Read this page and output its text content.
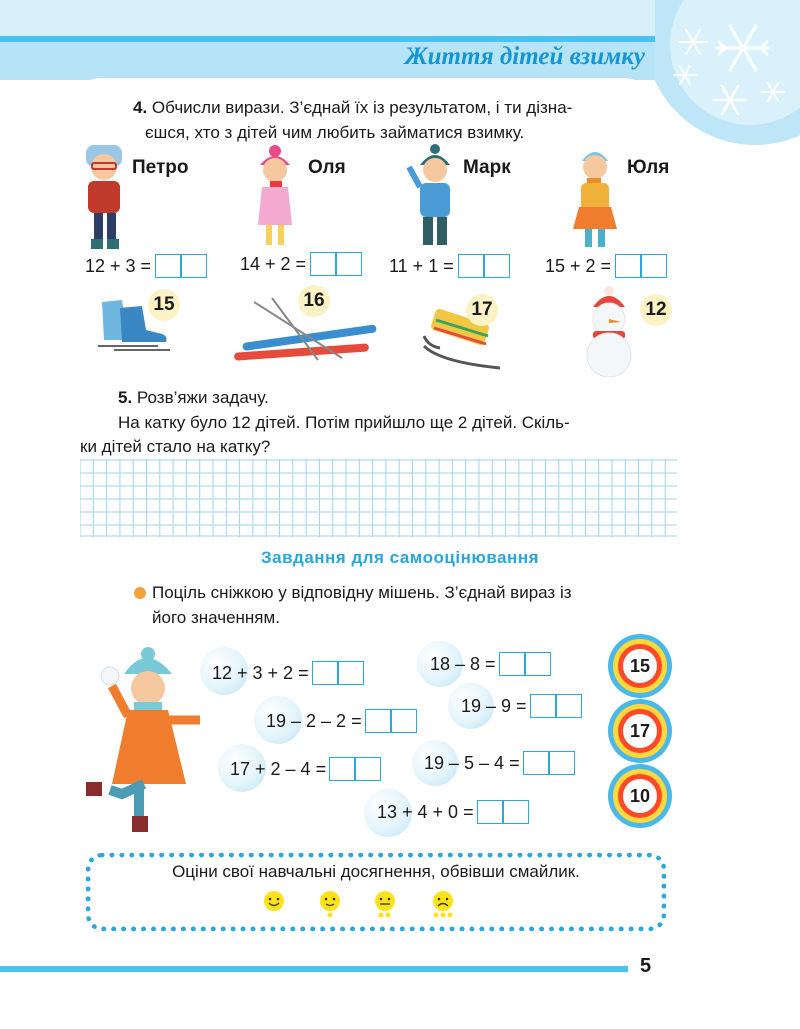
Життя дітей взимку
4. Обчисли вирази. З’єднай їх із результатом, і ти дізна-
єшся, хто з дітей чим любить займатися взимку.
Петро	Оля	Марк	Юля
12 + 3 =	14 + 2 =	11 + 1 =	15 + 2 =
15	16	17	12
5. Розв’яжи задачу.
На катку було 12 дітей. Потім прийшло ще 2 дітей. Скіль-
ки дітей стало на катку?
Завдання для самооцінювання
Поціль сніжкою у відповідну мішень. З’єднай вираз із
його значенням.
12 + 3 + 2 =	18 – 8 =
19 – 9 =
19 – 2 – 2 =
17 + 2 – 4 =	19 – 5 – 4 =
13 + 4 + 0 =
15
17
10
Оціни свої навчальні досягнення, обвівши смайлик.
5
